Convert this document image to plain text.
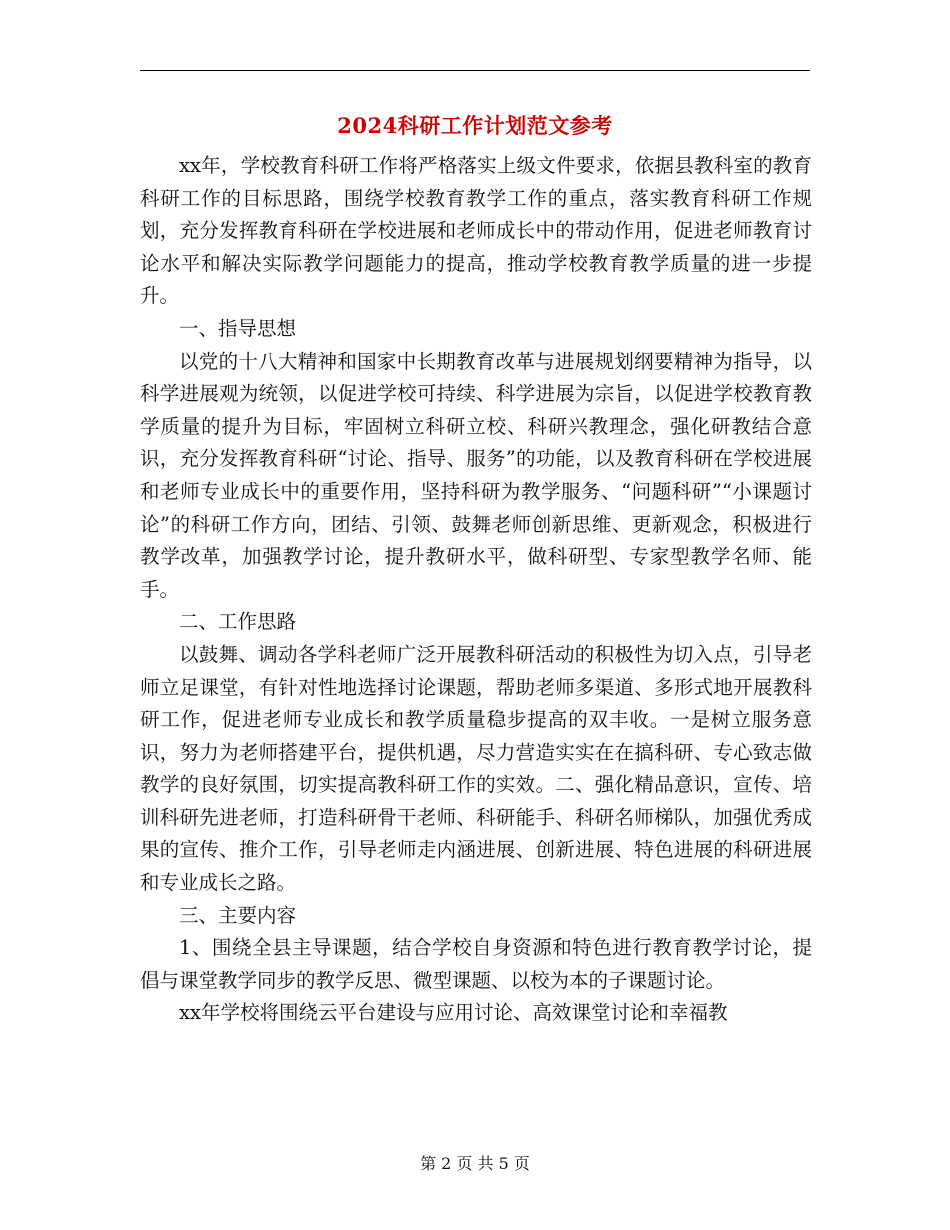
2024科研工作计划范文参考

xx年，学校教育科研工作将严格落实上级文件要求，依据县教科室的教育科研工作的目标思路，围绕学校教育教学工作的重点，落实教育科研工作规划，充分发挥教育科研在学校进展和老师成长中的带动作用，促进老师教育讨论水平和解决实际教学问题能力的提高，推动学校教育教学质量的进一步提升。

一、指导思想

以党的十八大精神和国家中长期教育改革与进展规划纲要精神为指导，以科学进展观为统领，以促进学校可持续、科学进展为宗旨，以促进学校教育教学质量的提升为目标，牢固树立科研立校、科研兴教理念，强化研教结合意识，充分发挥教育科研“讨论、指导、服务”的功能，以及教育科研在学校进展和老师专业成长中的重要作用，坚持科研为教学服务、“问题科研”“小课题讨论”的科研工作方向，团结、引领、鼓舞老师创新思维、更新观念，积极进行教学改革，加强教学讨论，提升教研水平，做科研型、专家型教学名师、能手。

二、工作思路

以鼓舞、调动各学科老师广泛开展教科研活动的积极性为切入点，引导老师立足课堂，有针对性地选择讨论课题，帮助老师多渠道、多形式地开展教科研工作，促进老师专业成长和教学质量稳步提高的双丰收。一是树立服务意识，努力为老师搭建平台，提供机遇，尽力营造实实在在搞科研、专心致志做教学的良好氛围，切实提高教科研工作的实效。二、强化精品意识，宣传、培训科研先进老师，打造科研骨干老师、科研能手、科研名师梯队，加强优秀成果的宣传、推介工作，引导老师走内涵进展、创新进展、特色进展的科研进展和专业成长之路。

三、主要内容

1、围绕全县主导课题，结合学校自身资源和特色进行教育教学讨论，提倡与课堂教学同步的教学反思、微型课题、以校为本的子课题讨论。

xx年学校将围绕云平台建设与应用讨论、高效课堂讨论和幸福教

第 2 页 共 5 页
